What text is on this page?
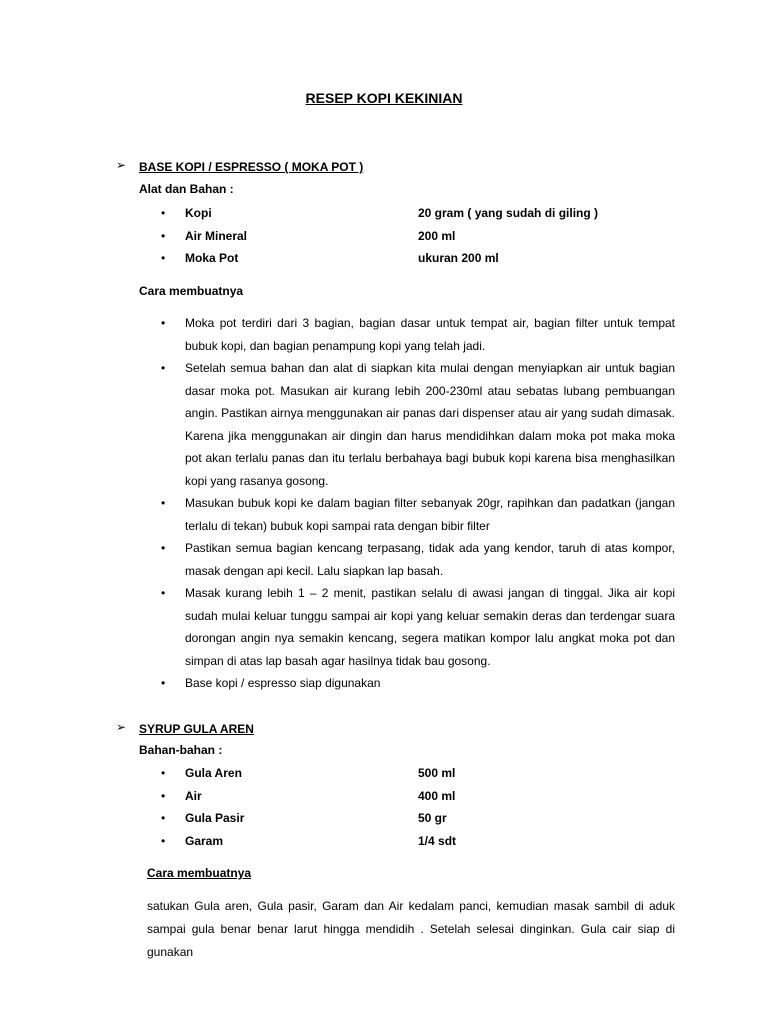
RESEP KOPI KEKINIAN
➢ BASE KOPI / ESPRESSO ( MOKA POT )
Alat dan Bahan :
• Kopi	20 gram ( yang sudah di giling )
• Air Mineral	200 ml
• Moka Pot	ukuran 200 ml
Cara membuatnya
• Moka pot terdiri dari 3 bagian, bagian dasar untuk tempat air, bagian filter untuk tempat bubuk kopi, dan bagian penampung kopi yang telah jadi.
• Setelah semua bahan dan alat di siapkan kita mulai dengan menyiapkan air untuk bagian dasar moka pot. Masukan air kurang lebih 200-230ml atau sebatas lubang pembuangan angin. Pastikan airnya menggunakan air panas dari dispenser atau air yang sudah dimasak. Karena jika menggunakan air dingin dan harus mendidihkan dalam moka pot maka moka pot akan terlalu panas dan itu terlalu berbahaya bagi bubuk kopi karena bisa menghasilkan kopi yang rasanya gosong.
• Masukan bubuk kopi ke dalam bagian filter sebanyak 20gr, rapihkan dan padatkan (jangan terlalu di tekan) bubuk kopi sampai rata dengan bibir filter
• Pastikan semua bagian kencang terpasang, tidak ada yang kendor, taruh di atas kompor, masak dengan api kecil. Lalu siapkan lap basah.
• Masak kurang lebih 1 – 2 menit, pastikan selalu di awasi jangan di tinggal. Jika air kopi sudah mulai keluar tunggu sampai air kopi yang keluar semakin deras dan terdengar suara dorongan angin nya semakin kencang, segera matikan kompor lalu angkat moka pot dan simpan di atas lap basah agar hasilnya tidak bau gosong.
• Base kopi / espresso siap digunakan
➢ SYRUP GULA AREN
Bahan-bahan :
• Gula Aren	500 ml
• Air	400 ml
• Gula Pasir	50 gr
• Garam	1/4 sdt
Cara membuatnya
satukan Gula aren, Gula pasir, Garam dan Air kedalam panci, kemudian masak sambil di aduk sampai gula benar benar larut hingga mendidih . Setelah selesai dinginkan. Gula cair siap di gunakan
